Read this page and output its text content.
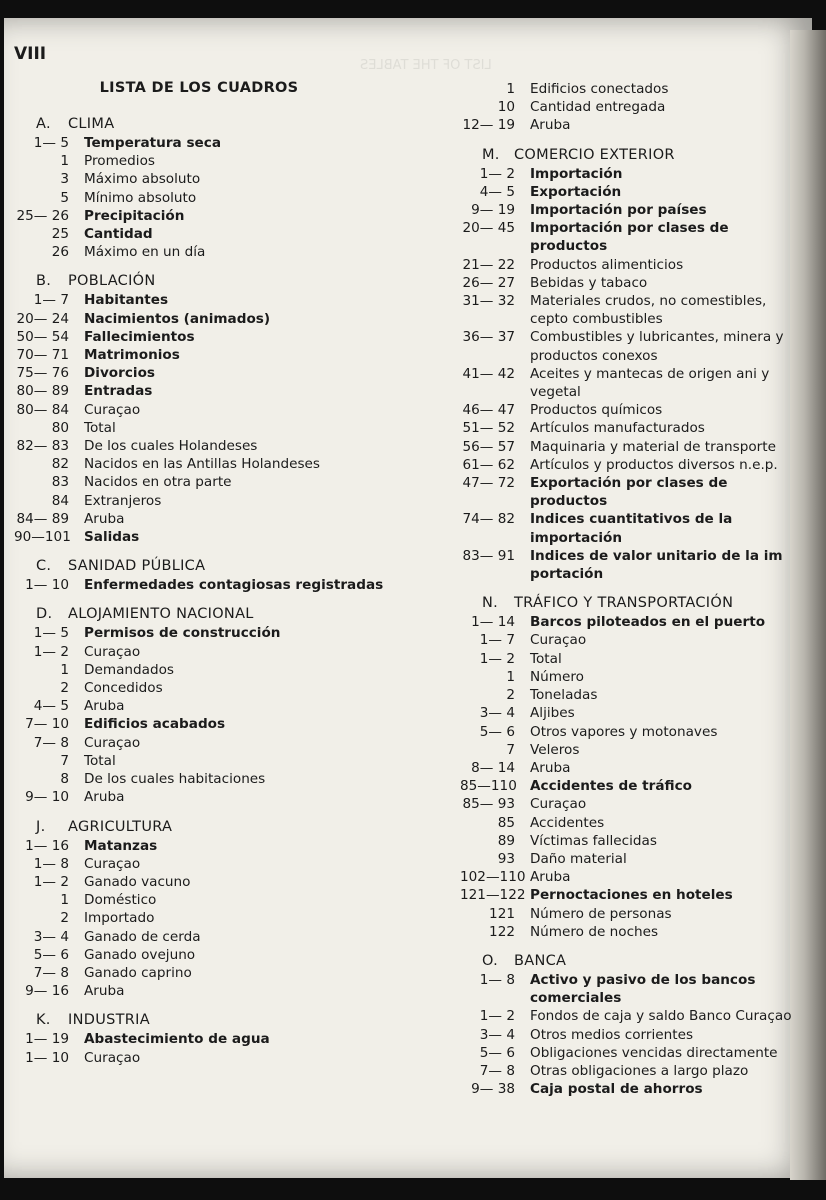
LIST OF THE TABLES
VIII
LISTA DE LOS CUADROS
A. CLIMA
1— 5	Temperatura seca
1	Promedios
3	Máximo absoluto
5	Mínimo absoluto
25— 26	Precipitación
25	Cantidad
26	Máximo en un día
B. POBLACIÓN
1— 7	Habitantes
20— 24	Nacimientos (animados)
50— 54	Fallecimientos
70— 71	Matrimonios
75— 76	Divorcios
80— 89	Entradas
80— 84	Curaçao
80	Total
82— 83	De los cuales Holandeses
82	Nacidos en las Antillas Holandeses
83	Nacidos en otra parte
84	Extranjeros
84— 89	Aruba
90—101 Salidas
C. SANIDAD PÚBLICA
1— 10	Enfermedades contagiosas registradas
D. ALOJAMIENTO NACIONAL
1— 5	Permisos de construcción
1— 2	Curaçao
1	Demandados
2	Concedidos
4— 5	Aruba
7— 10	Edificios acabados
7— 8	Curaçao
7	Total
8	De los cuales habitaciones
9— 10	Aruba
J. AGRICULTURA
1— 16	Matanzas
1— 8	Curaçao
1— 2	Ganado vacuno
1	Doméstico
2	Importado
3— 4	Ganado de cerda
5— 6	Ganado ovejuno
7— 8	Ganado caprino
9— 16	Aruba
K. INDUSTRIA
1— 19	Abastecimiento de agua
1— 10	Curaçao
1	Edificios conectados
10	Cantidad entregada
12— 19	Aruba
M. COMERCIO EXTERIOR
1— 2	Importación
4— 5	Exportación
9— 19	Importación por países
20— 45	Importación por clases de productos
21— 22	Productos alimenticios
26— 27	Bebidas y tabaco
31— 32	Materiales crudos, no comestibles, cepto combustibles
36— 37	Combustibles y lubricantes, minera y productos conexos
41— 42	Aceites y mantecas de origen ani y vegetal
46— 47	Productos químicos
51— 52	Artículos manufacturados
56— 57	Maquinaria y material de transporte
61— 62	Artículos y productos diversos n.e.p.
47— 72	Exportación por clases de productos
74— 82	Indices cuantitativos de la importación
83— 91	Indices de valor unitario de la im portación
N. TRÁFICO Y TRANSPORTACIÓN
1— 14	Barcos piloteados en el puerto
1— 7	Curaçao
1— 2	Total
1	Número
2	Toneladas
3— 4	Aljibes
5— 6	Otros vapores y motonaves
7	Veleros
8— 14	Aruba
85—110 Accidentes de tráfico
85— 93	Curaçao
85	Accidentes
89	Víctimas fallecidas
93	Daño material
102—110 Aruba
121—122 Pernoctaciones en hoteles
121	Número de personas
122	Número de noches
O. BANCA
1— 8	Activo y pasivo de los bancos comerciales
1— 2	Fondos de caja y saldo Banco Curaçao
3— 4	Otros medios corrientes
5— 6	Obligaciones vencidas directamente
7— 8	Otras obligaciones a largo plazo
9— 38	Caja postal de ahorros
